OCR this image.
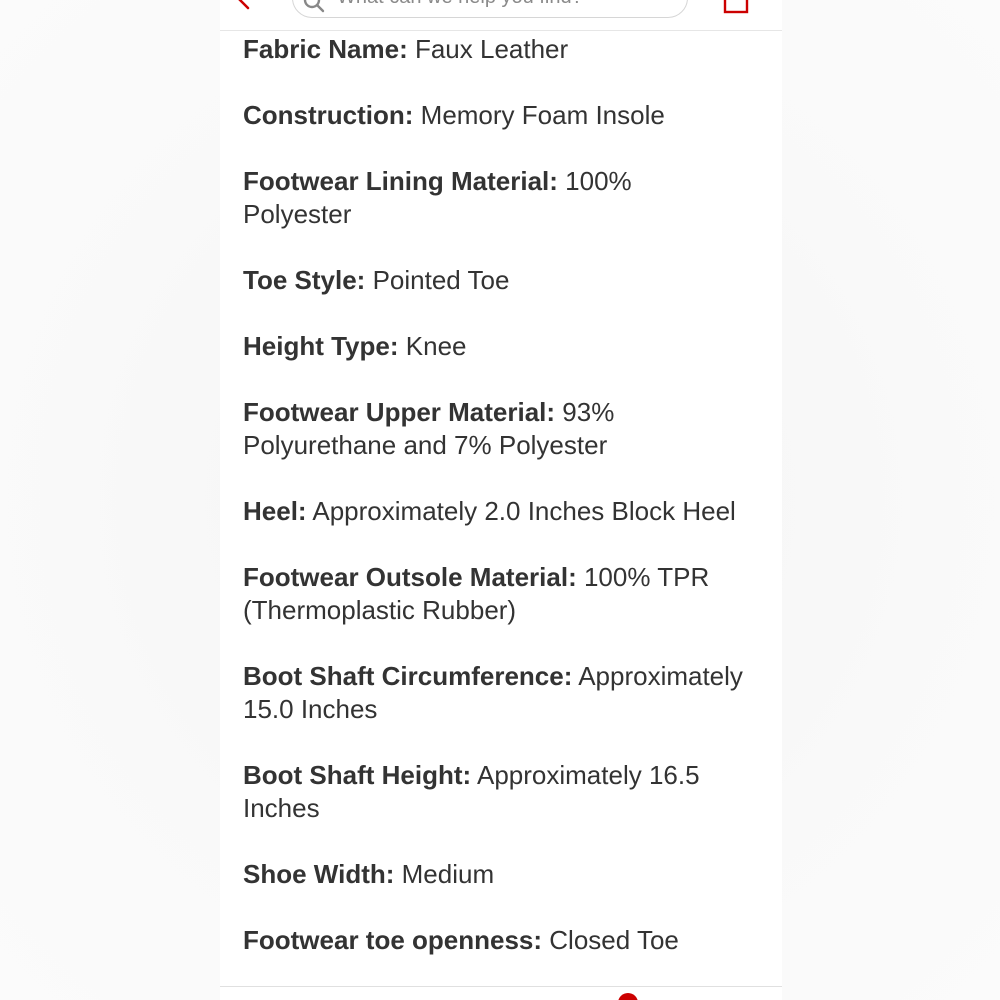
What can we help you find?
Fabric Name: Faux Leather
Construction: Memory Foam Insole
Footwear Lining Material: 100% Polyester
Toe Style: Pointed Toe
Height Type: Knee
Footwear Upper Material: 93% Polyurethane and 7% Polyester
Heel: Approximately 2.0 Inches Block Heel
Footwear Outsole Material: 100% TPR (Thermoplastic Rubber)
Boot Shaft Circumference: Approximately 15.0 Inches
Boot Shaft Height: Approximately 16.5 Inches
Shoe Width: Medium
Footwear toe openness: Closed Toe
